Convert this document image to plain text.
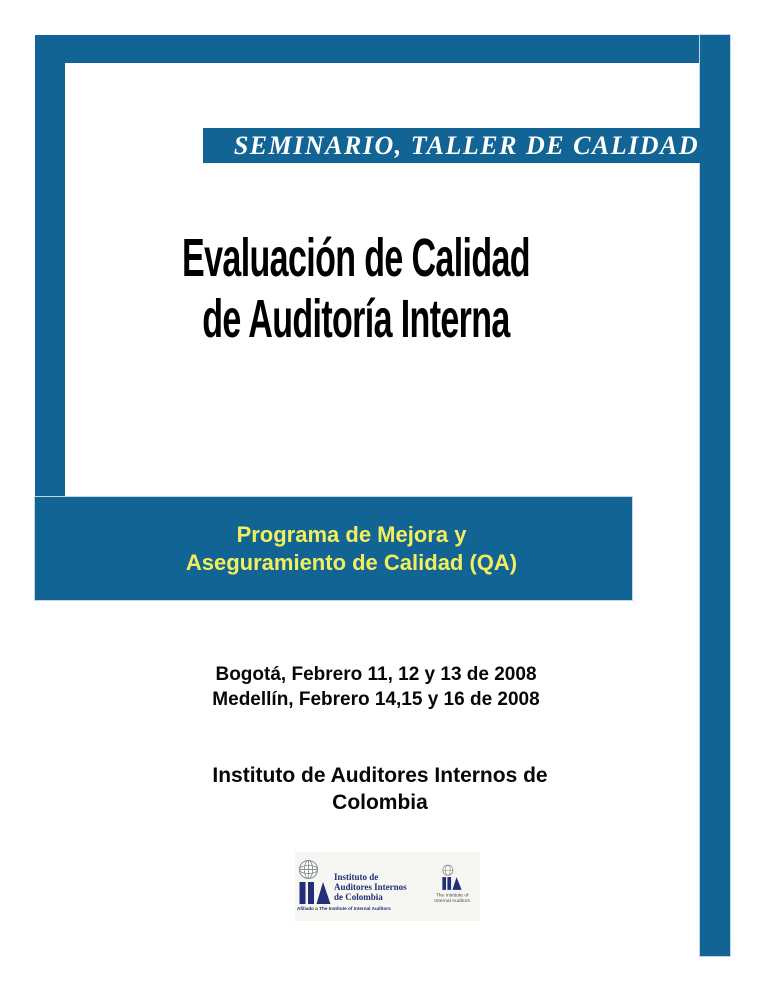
SEMINARIO, TALLER DE CALIDAD
Evaluación de Calidad
de Auditoría Interna
Programa de Mejora y
Aseguramiento de Calidad (QA)
Bogotá, Febrero 11, 12 y 13 de 2008
Medellín, Febrero 14,15 y 16 de 2008
Instituto de Auditores Internos de
Colombia
Instituto de
Auditores Internos
de Colombia
Afiliado a The Institute of Internal Auditors
The Institute of
Internal Auditors
